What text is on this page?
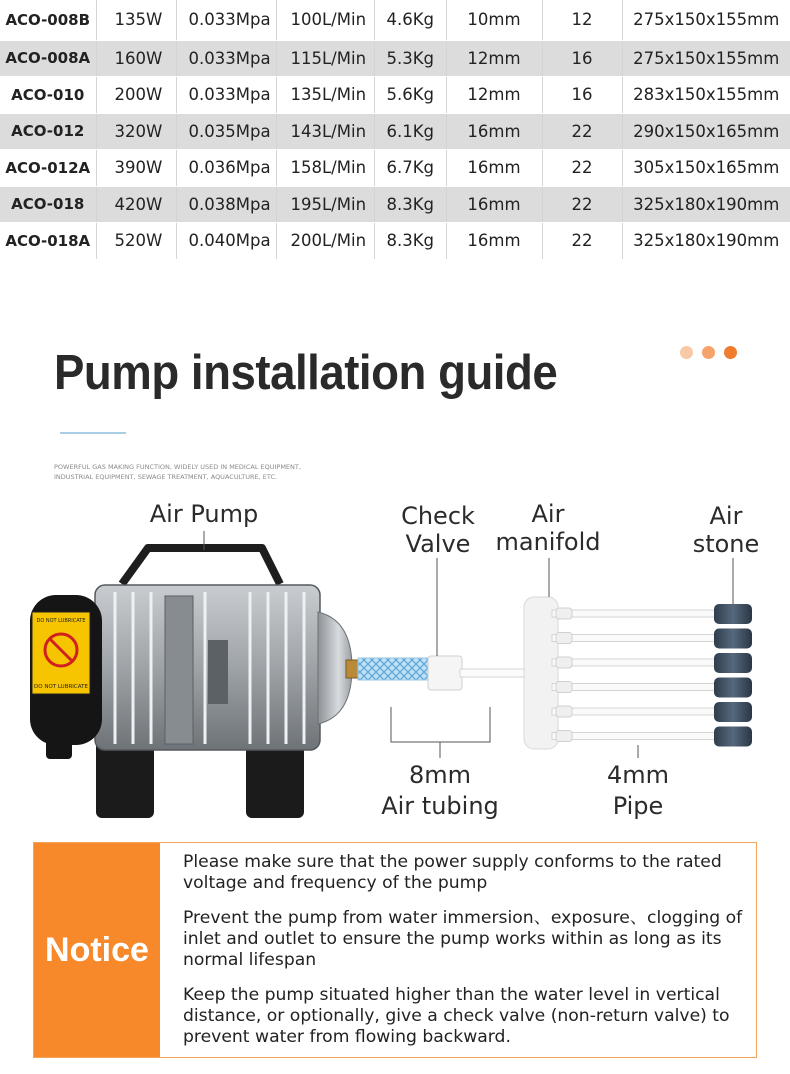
ACO-008B	135W	0.033Mpa	100L/Min	4.6Kg	10mm	12	275x150x155mm
ACO-008A	160W	0.033Mpa	115L/Min	5.3Kg	12mm	16	275x150x155mm
ACO-010	200W	0.033Mpa	135L/Min	5.6Kg	12mm	16	283x150x155mm
ACO-012	320W	0.035Mpa	143L/Min	6.1Kg	16mm	22	290x150x165mm
ACO-012A	390W	0.036Mpa	158L/Min	6.7Kg	16mm	22	305x150x165mm
ACO-018	420W	0.038Mpa	195L/Min	8.3Kg	16mm	22	325x180x190mm
ACO-018A	520W	0.040Mpa	200L/Min	8.3Kg	16mm	22	325x180x190mm
Pump installation guide
POWERFUL GAS MAKING FUNCTION, WIDELY USED IN MEDICAL EQUIPMENT,
INDUSTRIAL EQUIPMENT, SEWAGE TREATMENT, AQUACULTURE, ETC.
DO NOT LUBRICATE
DO NOT LUBRICATE
Air Pump	Check
Valve
Air
manifold
Air
stone
8mm
Air tubing
4mm
Pipe
Notice
Please make sure that the power supply conforms to the rated voltage and frequency of the pump
Prevent the pump from water immersion、exposure、clogging of inlet and outlet to ensure the pump works within as long as its normal lifespan
Keep the pump situated higher than the water level in vertical distance, or optionally, give a check valve (non-return valve) to prevent water from flowing backward.
